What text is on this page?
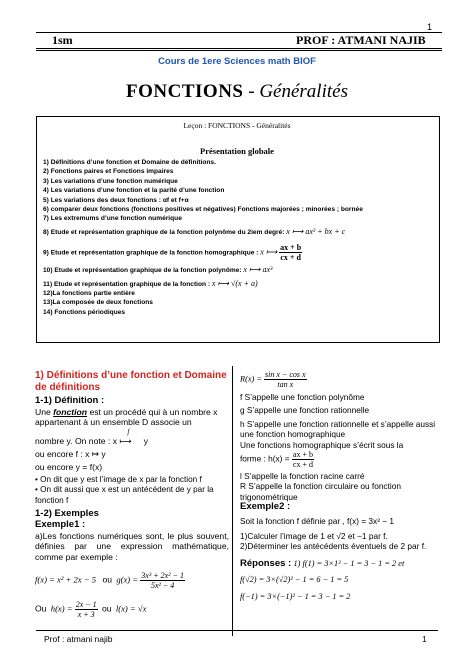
1
1sm	PROF : ATMANI NAJIB
Cours de 1ere Sciences math BIOF
FONCTIONS - Généralités
Leçon : FONCTIONS - Généralités
Présentation globale
1) Définitions d’une fonction et Domaine de définitions.
2) Fonctions paires et Fonctions impaires
3) Les variations d’une fonction numérique
4) Les variations d’une fonction et la parité d’une fonction
5) Les variations des deux fonctions : αf et f+α
6) comparer deux fonctions (fonctions positives et négatives) Fonctions majorées ; minorées ; bornée
7) Les extremums d’une fonction numérique
8) Etude et représentation graphique de la fonction polynôme du 2iem degré: x ⟼ ax² + bx + c
9) Etude et représentation graphique de la fonction homographique : x ⟼ $\frac{ax + b}{cx + d}$
10) Etude et représentation graphique de la fonction polynôme: x ⟼ ax³
11) Etude et représentation graphique de la fonction : x ⟼ √(x + a)
12)La fonctions partie entière
13)La composée de deux fonctions
14) Fonctions périodiques
1) Définitions d’une fonction et Domaine de définitions
1-1) Définition :
Une fonction est un procédé qui à un nombre x appartenant à un ensemble D associe un
nombre y. On note : x
f
⟼ y
ou encore f : x ↦ y
ou encore y = f(x)
• On dit que y est l’image de x par la fonction f
• On dit aussi que x est un antécédent de y par la fonction f
1-2) Exemples
Exemple1 :
a)Les fonctions numériques sont, le plus souvent, définies par une expression mathématique, comme par exemple :
f(x) = x² + 2x − 5 ou $g(x) = \frac{\text{3x³ + 2x² − 1}}{\text{5x² − 4}}$
Ou $h(x) = \frac{2x - 1}{x + 3}$ ou l(x) = √x
$R(x) = \frac{\text{sin x − cos x}}{\text{tan x}}$
f S’appelle une fonction polynôme
g S’appelle une fonction rationnelle
h S’appelle une fonction rationnelle et s’appelle aussi une fonction homographique
Une fonctions homographique s’écrit sous la
forme : $h(x) = \frac{ax + b}{cx + d}$
l S’appelle la fonction racine carré
R S’appelle la fonction circulaire ou fonction trigonométrique
Exemple2 :
Soit la fonction f définie par , f(x) = 3x² − 1
1)Calculer l’image de 1 et √2 et −1 par f.
2)Déterminer les antécédents éventuels de 2 par f.
Réponses : 1) f(1) = 3×1² − 1 = 3 − 1 = 2 et
f(√2) = 3×(√2)² − 1 = 6 − 1 = 5
f(−1) = 3×(−1)² − 1 = 3 − 1 = 2
Prof : atmani najib	1
